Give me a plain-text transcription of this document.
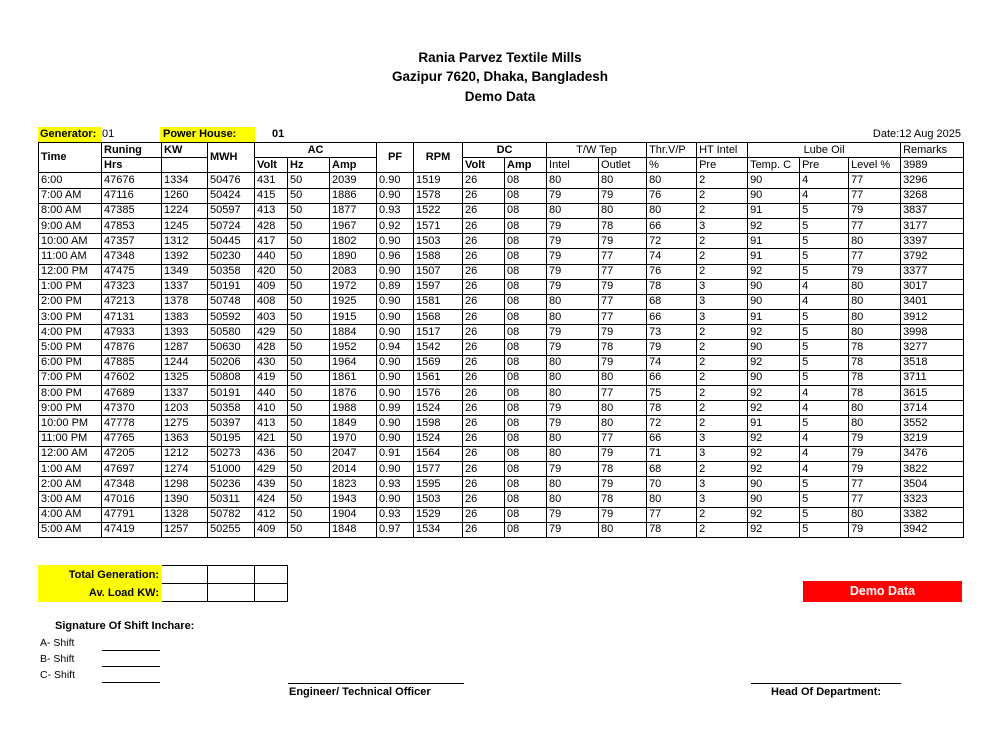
Rania Parvez Textile Mills
Gazipur 7620, Dhaka, Bangladesh
Demo Data
Generator: 01	Power House:	01	Date:12 Aug 2025
Time	Runing	KW	MWH	AC			PF	RPM	DC		T/W Tep		Thr.V/P	HT Intel	Lube Oil			Remarks
	Hrs			Volt	Hz	Amp			Volt	Amp	Intel	Outlet	%	Pre	Temp. C	Pre	Level %	3989
6:00	47676	1334	50476	431	50	2039	0.90	1519	26	08	80	80	80	2	90	4	77	3296
7:00 AM	47116	1260	50424	415	50	1886	0.90	1578	26	08	79	79	76	2	90	4	77	3268
8:00 AM	47385	1224	50597	413	50	1877	0.93	1522	26	08	80	80	80	2	91	5	79	3837
9:00 AM	47853	1245	50724	428	50	1967	0.92	1571	26	08	79	78	66	3	92	5	77	3177
10:00 AM	47357	1312	50445	417	50	1802	0.90	1503	26	08	79	79	72	2	91	5	80	3397
11:00 AM	47348	1392	50230	440	50	1890	0.96	1588	26	08	79	77	74	2	91	5	77	3792
12:00 PM	47475	1349	50358	420	50	2083	0.90	1507	26	08	79	77	76	2	92	5	79	3377
1:00 PM	47323	1337	50191	409	50	1972	0.89	1597	26	08	79	79	78	3	90	4	80	3017
2:00 PM	47213	1378	50748	408	50	1925	0.90	1581	26	08	80	77	68	3	90	4	80	3401
3:00 PM	47131	1383	50592	403	50	1915	0.90	1568	26	08	80	77	66	3	91	5	80	3912
4:00 PM	47933	1393	50580	429	50	1884	0.90	1517	26	08	79	79	73	2	92	5	80	3998
5:00 PM	47876	1287	50630	428	50	1952	0.94	1542	26	08	79	78	79	2	90	5	78	3277
6:00 PM	47885	1244	50206	430	50	1964	0.90	1569	26	08	80	79	74	2	92	5	78	3518
7:00 PM	47602	1325	50808	419	50	1861	0.90	1561	26	08	80	80	66	2	90	5	78	3711
8:00 PM	47689	1337	50191	440	50	1876	0.90	1576	26	08	80	77	75	2	92	4	78	3615
9:00 PM	47370	1203	50358	410	50	1988	0.99	1524	26	08	79	80	78	2	92	4	80	3714
10:00 PM	47778	1275	50397	413	50	1849	0.90	1598	26	08	79	80	72	2	91	5	80	3552
11:00 PM	47765	1363	50195	421	50	1970	0.90	1524	26	08	80	77	66	3	92	4	79	3219
12:00 AM	47205	1212	50273	436	50	2047	0.91	1564	26	08	80	79	71	3	92	4	79	3476
1:00 AM	47697	1274	51000	429	50	2014	0.90	1577	26	08	79	78	68	2	92	4	79	3822
2:00 AM	47348	1298	50236	439	50	1823	0.93	1595	26	08	80	79	70	3	90	5	77	3504
3:00 AM	47016	1390	50311	424	50	1943	0.90	1503	26	08	80	78	80	3	90	5	77	3323
4:00 AM	47791	1328	50782	412	50	1904	0.93	1529	26	08	79	79	77	2	92	5	80	3382
5:00 AM	47419	1257	50255	409	50	1848	0.97	1534	26	08	79	80	78	2	92	5	79	3942
Total Generation:			
Av. Load KW:				Demo Data
Signature Of Shift Inchare:
A- Shift
B- Shift
C- Shift
Engineer/ Technical Officer	Head Of Department:
